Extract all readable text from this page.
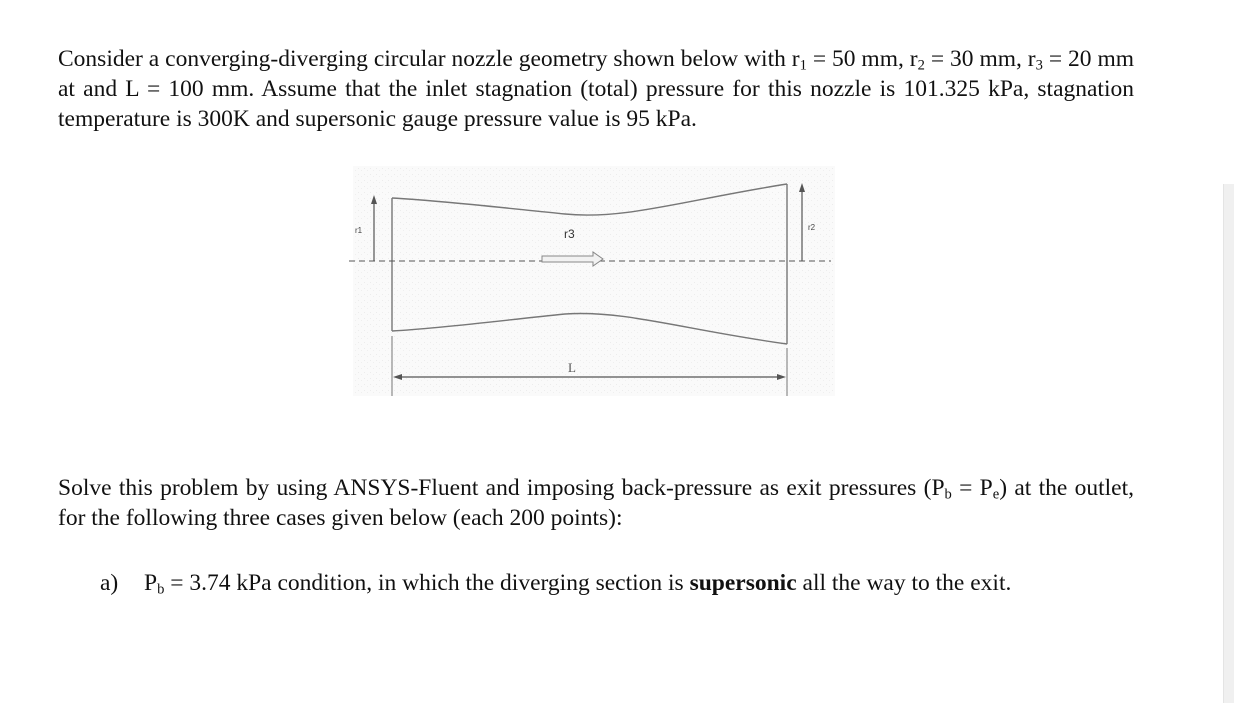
Consider a converging-diverging circular nozzle geometry shown below with $r_1 = 50$ mm, $r_2 = 30$ mm, $r_3 = 20$ mm at and L = 100 mm. Assume that the inlet stagnation (total) pressure for this nozzle is 101.325 kPa, stagnation temperature is 300K and supersonic gauge pressure value is 95 kPa.
r1	r2
r3
L
Solve this problem by using ANSYS-Fluent and imposing back-pressure as exit pressures $(P_b = P_e)$ at the outlet, for the following three cases given below (each 200 points):
a) $P_b = 3.74$ kPa condition, in which the diverging section is supersonic all the way to the exit.
